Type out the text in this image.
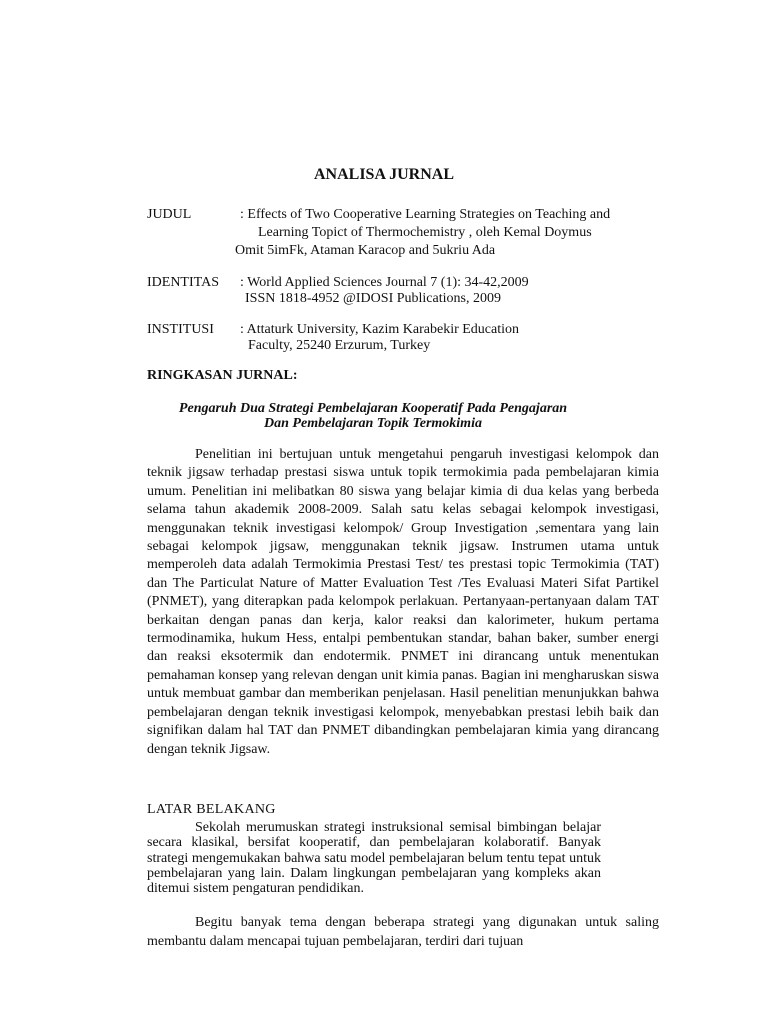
ANALISA JURNAL
JUDUL	: Effects of Two Cooperative Learning Strategies on Teaching and
Learning Topict of Thermochemistry , oleh Kemal Doymus
Omit 5imFk, Ataman Karacop and 5ukriu Ada
IDENTITAS : World Applied Sciences Journal 7 (1): 34-42,2009
ISSN 1818-4952 @IDOSI Publications, 2009
INSTITUSI : Attaturk University, Kazim Karabekir Education
Faculty, 25240 Erzurum, Turkey
RINGKASAN JURNAL:
Pengaruh Dua Strategi Pembelajaran Kooperatif Pada Pengajaran
Dan Pembelajaran Topik Termokimia

Penelitian ini bertujuan untuk mengetahui pengaruh investigasi kelompok dan teknik jigsaw terhadap prestasi siswa untuk topik termokimia pada pembelajaran kimia umum. Penelitian ini melibatkan 80 siswa yang belajar kimia di dua kelas yang berbeda selama tahun akademik 2008-2009. Salah satu kelas sebagai kelompok investigasi, menggunakan teknik investigasi kelompok/ Group Investigation ,sementara yang lain sebagai kelompok jigsaw, menggunakan teknik jigsaw. Instrumen utama untuk memperoleh data adalah Termokimia Prestasi Test/ tes prestasi topic Termokimia (TAT) dan The Particulat Nature of Matter Evaluation Test /Tes Evaluasi Materi Sifat Partikel (PNMET), yang diterapkan pada kelompok perlakuan. Pertanyaan-pertanyaan dalam TAT berkaitan dengan panas dan kerja, kalor reaksi dan kalorimeter, hukum pertama termodinamika, hukum Hess, entalpi pembentukan standar, bahan baker, sumber energi dan reaksi eksotermik dan endotermik. PNMET ini dirancang untuk menentukan pemahaman konsep yang relevan dengan unit kimia panas. Bagian ini mengharuskan siswa untuk membuat gambar dan memberikan penjelasan. Hasil penelitian menunjukkan bahwa pembelajaran dengan teknik investigasi kelompok, menyebabkan prestasi lebih baik dan signifikan dalam hal TAT dan PNMET dibandingkan pembelajaran kimia yang dirancang dengan teknik Jigsaw.

LATAR BELAKANG

Sekolah merumuskan strategi instruksional semisal bimbingan belajar secara klasikal, bersifat kooperatif, dan pembelajaran kolaboratif. Banyak strategi mengemukakan bahwa satu model pembelajaran belum tentu tepat untuk pembelajaran yang lain. Dalam lingkungan pembelajaran yang kompleks akan ditemui sistem pengaturan pendidikan.

Begitu banyak tema dengan beberapa strategi yang digunakan untuk saling membantu dalam mencapai tujuan pembelajaran, terdiri dari tujuan
